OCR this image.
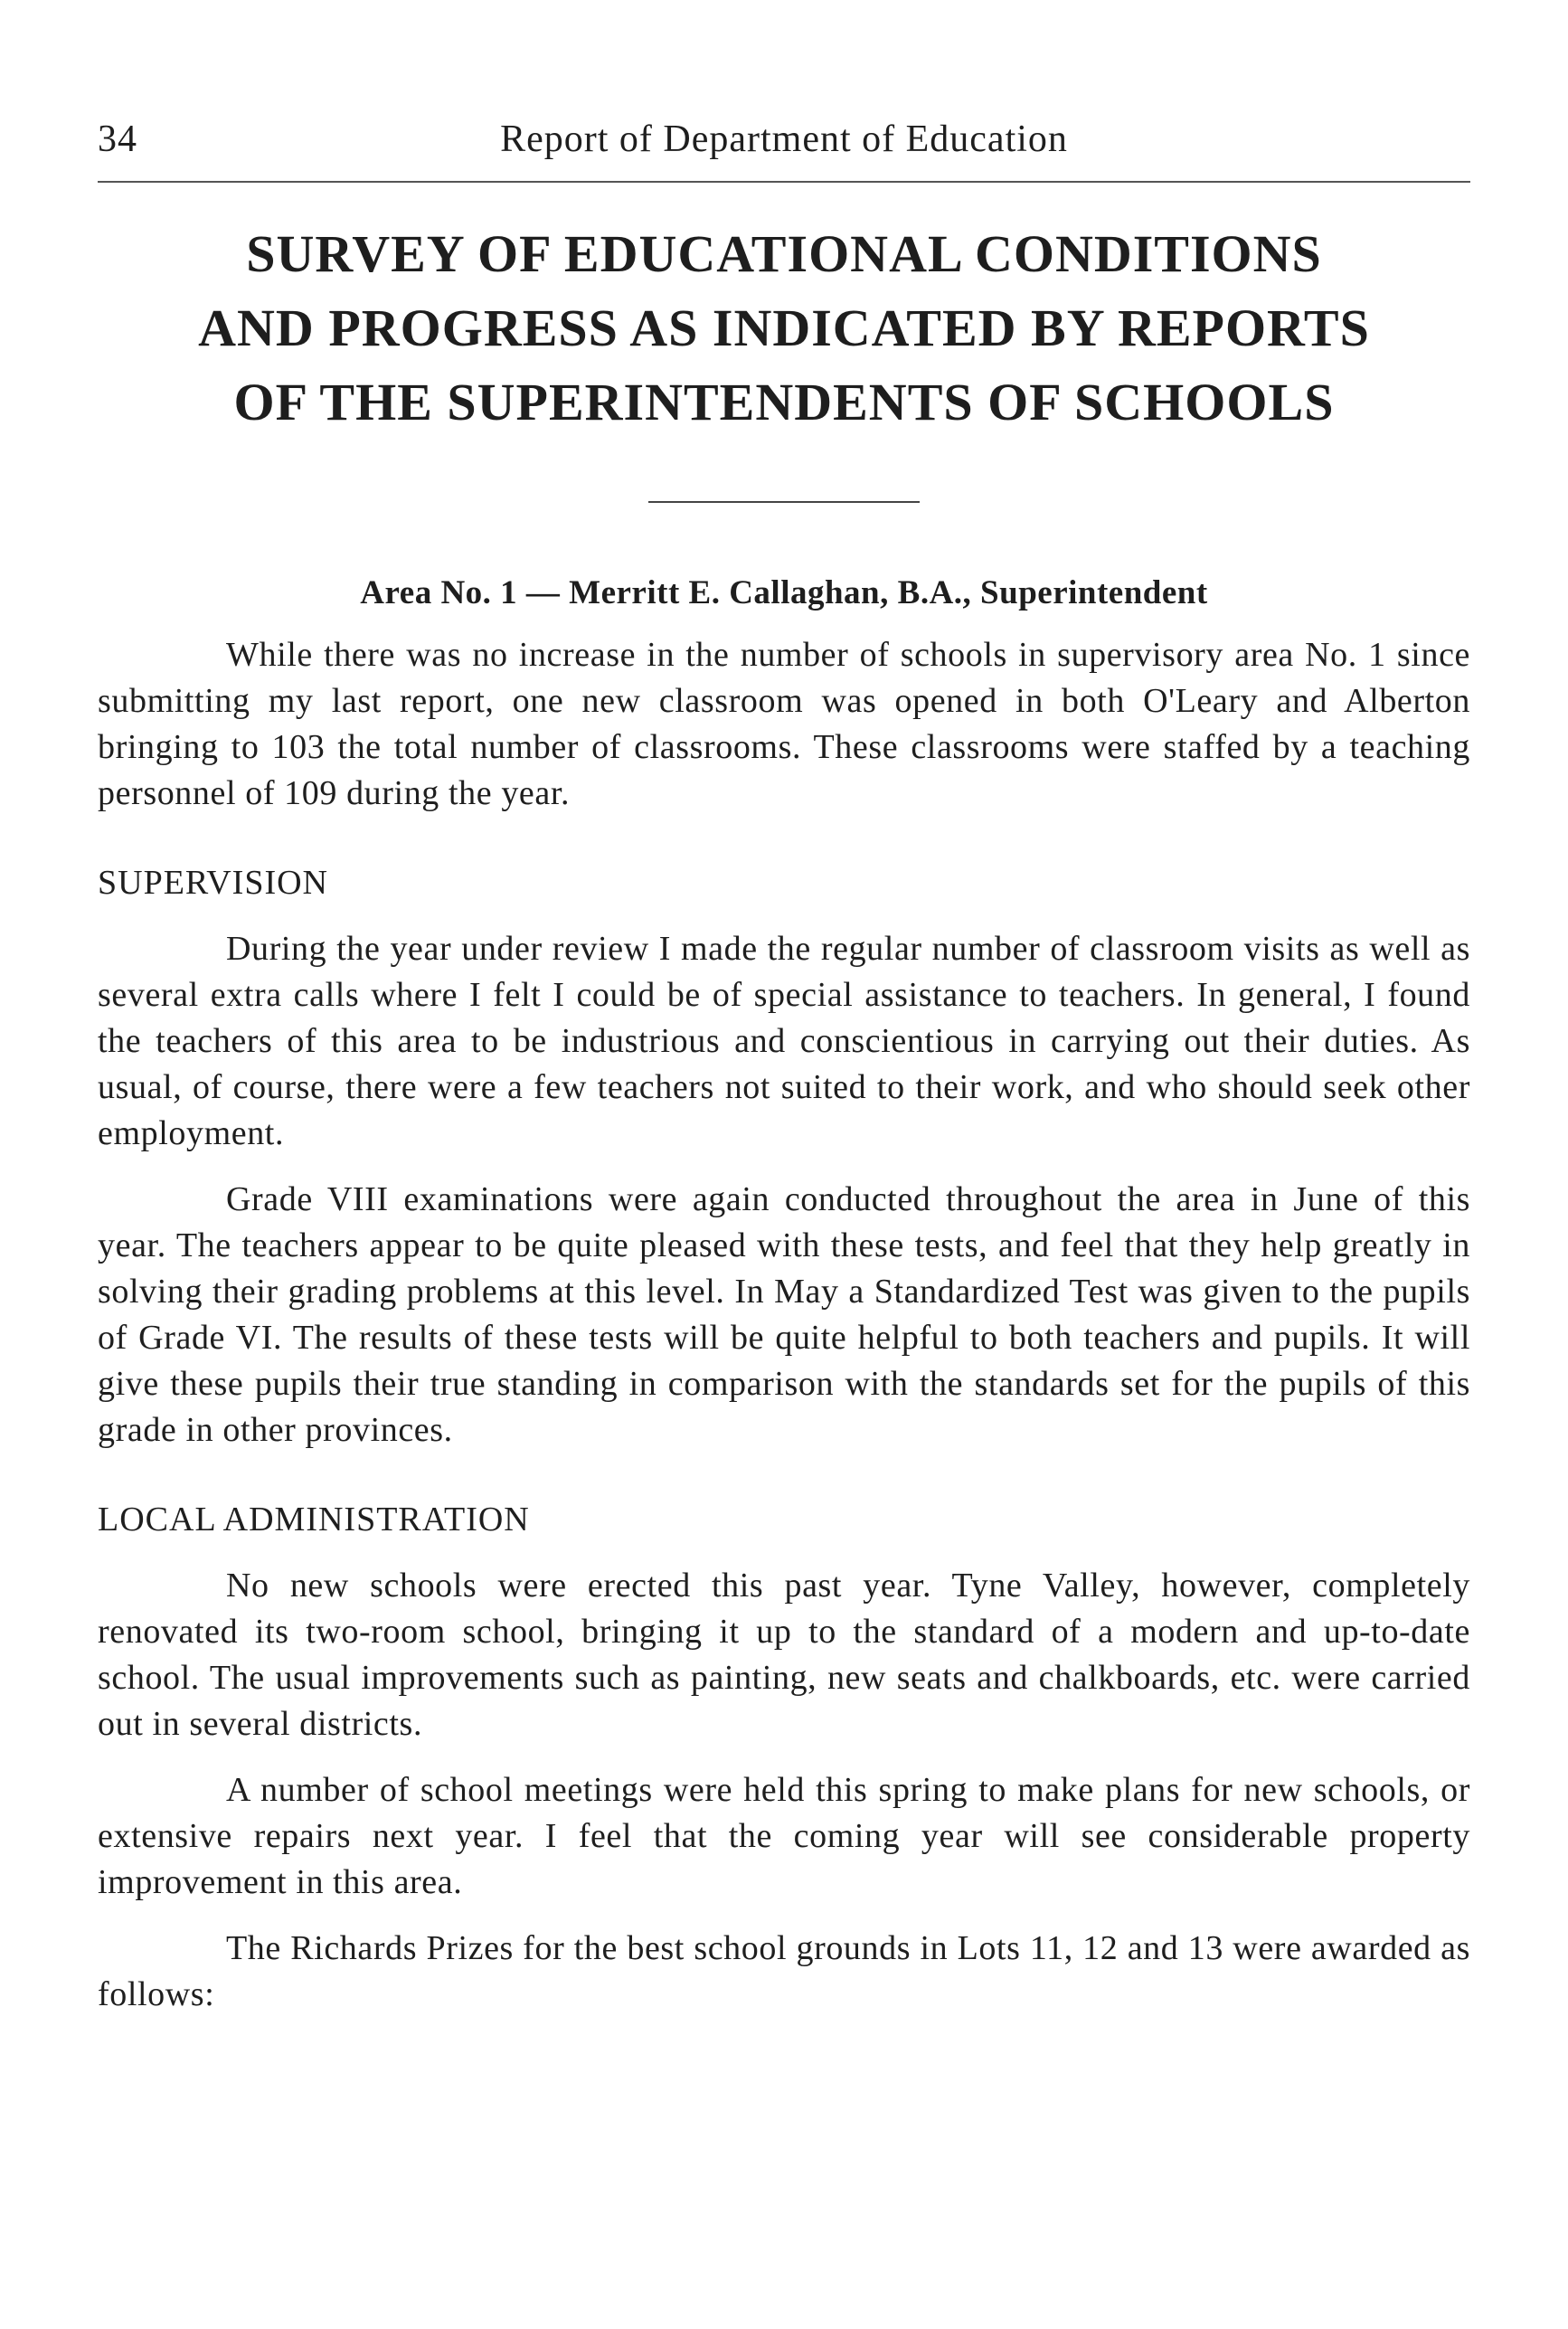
34	Report of Department of Education
SURVEY OF EDUCATIONAL CONDITIONS
AND PROGRESS AS INDICATED BY REPORTS
OF THE SUPERINTENDENTS OF SCHOOLS
Area No. 1 — Merritt E. Callaghan, B.A., Superintendent

While there was no increase in the number of schools in supervisory area No. 1 since submitting my last report, one new classroom was opened in both O'Leary and Alberton bringing to 103 the total number of classrooms. These classrooms were staffed by a teaching personnel of 109 during the year.

SUPERVISION

During the year under review I made the regular number of classroom visits as well as several extra calls where I felt I could be of special assistance to teachers. In general, I found the teachers of this area to be industrious and conscientious in carrying out their duties. As usual, of course, there were a few teachers not suited to their work, and who should seek other employment.

Grade VIII examinations were again conducted throughout the area in June of this year. The teachers appear to be quite pleased with these tests, and feel that they help greatly in solving their grading problems at this level. In May a Standardized Test was given to the pupils of Grade VI. The results of these tests will be quite helpful to both teachers and pupils. It will give these pupils their true standing in comparison with the standards set for the pupils of this grade in other provinces.

LOCAL ADMINISTRATION

No new schools were erected this past year. Tyne Valley, however, completely renovated its two-room school, bringing it up to the standard of a modern and up-to-date school. The usual improvements such as painting, new seats and chalkboards, etc. were carried out in several districts.

A number of school meetings were held this spring to make plans for new schools, or extensive repairs next year. I feel that the coming year will see considerable property improvement in this area.

The Richards Prizes for the best school grounds in Lots 11, 12 and 13 were awarded as follows:
